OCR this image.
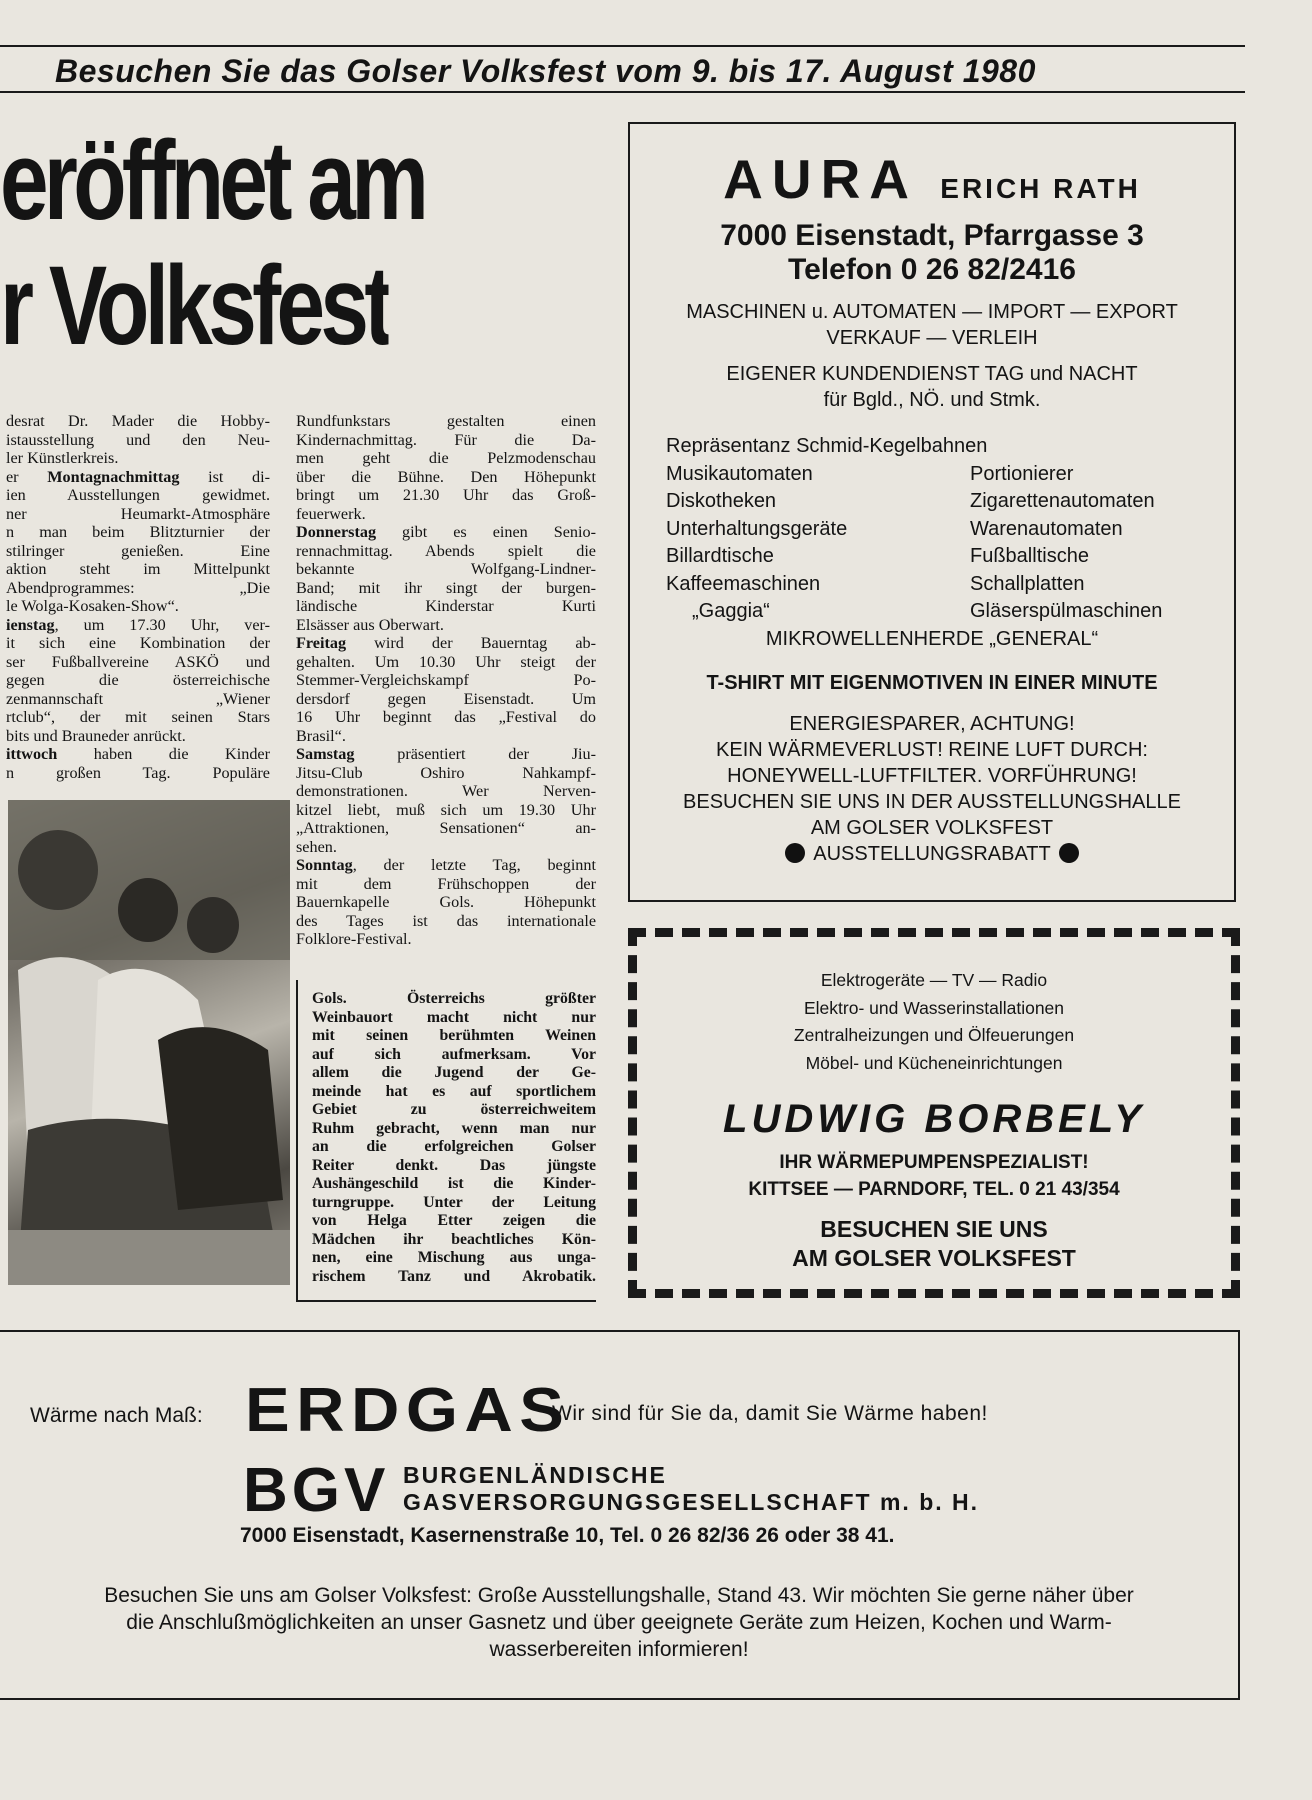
Besuchen Sie das Golser Volksfest vom 9. bis 17. August 1980
eröffnet am
r Volksfest
desrat Dr. Mader die Hobby-
istausstellung und den Neu-
ler Künstlerkreis.
er Montagnachmittag ist di-
ien Ausstellungen gewidmet.
ner Heumarkt-Atmosphäre
n man beim Blitzturnier der
stilringer genießen. Eine
aktion steht im Mittelpunkt
Abendprogrammes: „Die
le Wolga-Kosaken-Show“.
ienstag, um 17.30 Uhr, ver-
it sich eine Kombination der
ser Fußballvereine ASKÖ und
gegen die österreichische
zenmannschaft „Wiener
rtclub“, der mit seinen Stars
bits und Brauneder anrückt.
ittwoch haben die Kinder
n großen Tag. Populäre
Rundfunkstars gestalten einen
Kindernachmittag. Für die Da-
men geht die Pelzmodenschau
über die Bühne. Den Höhepunkt
bringt um 21.30 Uhr das Groß-
feuerwerk.
Donnerstag gibt es einen Senio-
rennachmittag. Abends spielt die
bekannte Wolfgang-Lindner-
Band; mit ihr singt der burgen-
ländische Kinderstar Kurti
Elsässer aus Oberwart.
Freitag wird der Bauerntag ab-
gehalten. Um 10.30 Uhr steigt der
Stemmer-Vergleichskampf Po-
dersdorf gegen Eisenstadt. Um
16 Uhr beginnt das „Festival do
Brasil“.
Samstag präsentiert der Jiu-
Jitsu-Club Oshiro Nahkampf-
demonstrationen. Wer Nerven-
kitzel liebt, muß sich um 19.30 Uhr
„Attraktionen, Sensationen“ an-
sehen.
Sonntag, der letzte Tag, beginnt
mit dem Frühschoppen der
Bauernkapelle Gols. Höhepunkt
des Tages ist das internationale
Folklore-Festival.

Gols. Österreichs größter
Weinbauort macht nicht nur
mit seinen berühmten Weinen
auf sich aufmerksam. Vor
allem die Jugend der Ge-
meinde hat es auf sportlichem
Gebiet zu österreichweitem
Ruhm gebracht, wenn man nur
an die erfolgreichen Golser
Reiter denkt. Das jüngste
Aushängeschild ist die Kinder-
turngruppe. Unter der Leitung
von Helga Etter zeigen die
Mädchen ihr beachtliches Kön-
nen, eine Mischung aus unga-
rischem Tanz und Akrobatik.

AURA ERICH RATH
7000 Eisenstadt, Pfarrgasse 3
Telefon 0 26 82/2416
MASCHINEN u. AUTOMATEN — IMPORT — EXPORT
VERKAUF — VERLEIH
EIGENER KUNDENDIENST TAG und NACHT
für Bgld., NÖ. und Stmk.
Repräsentanz Schmid-Kegelbahnen
Musikautomaten	Portionierer
Diskotheken	Zigarettenautomaten
Unterhaltungsgeräte	Warenautomaten
Billardtische	Fußballtische
Kaffeemaschinen	Schallplatten
„Gaggia“	Gläserspülmaschinen
MIKROWELLENHERDE „GENERAL“
T-SHIRT MIT EIGENMOTIVEN IN EINER MINUTE
ENERGIESPARER, ACHTUNG!
KEIN WÄRMEVERLUST! REINE LUFT DURCH:
HONEYWELL-LUFTFILTER. VORFÜHRUNG!
BESUCHEN SIE UNS IN DER AUSSTELLUNGSHALLE
AM GOLSER VOLKSFEST
AUSSTELLUNGSRABATT
Elektrogeräte — TV — Radio
Elektro- und Wasserinstallationen
Zentralheizungen und Ölfeuerungen
Möbel- und Kücheneinrichtungen
LUDWIG BORBELY
IHR WÄRMEPUMPENSPEZIALIST!
KITTSEE — PARNDORF, TEL. 0 21 43/354
BESUCHEN SIE UNS
AM GOLSER VOLKSFEST
Wärme nach Maß: ERDGAS
Wir sind für Sie da, damit Sie Wärme haben!
BGV BURGENLÄNDISCHE
GASVERSORGUNGSGESELLSCHAFT m. b. H.
7000 Eisenstadt, Kasernenstraße 10, Tel. 0 26 82/36 26 oder 38 41.
Besuchen Sie uns am Golser Volksfest: Große Ausstellungshalle, Stand 43. Wir möchten Sie gerne näher über
die Anschlußmöglichkeiten an unser Gasnetz und über geeignete Geräte zum Heizen, Kochen und Warm-
wasserbereiten informieren!
